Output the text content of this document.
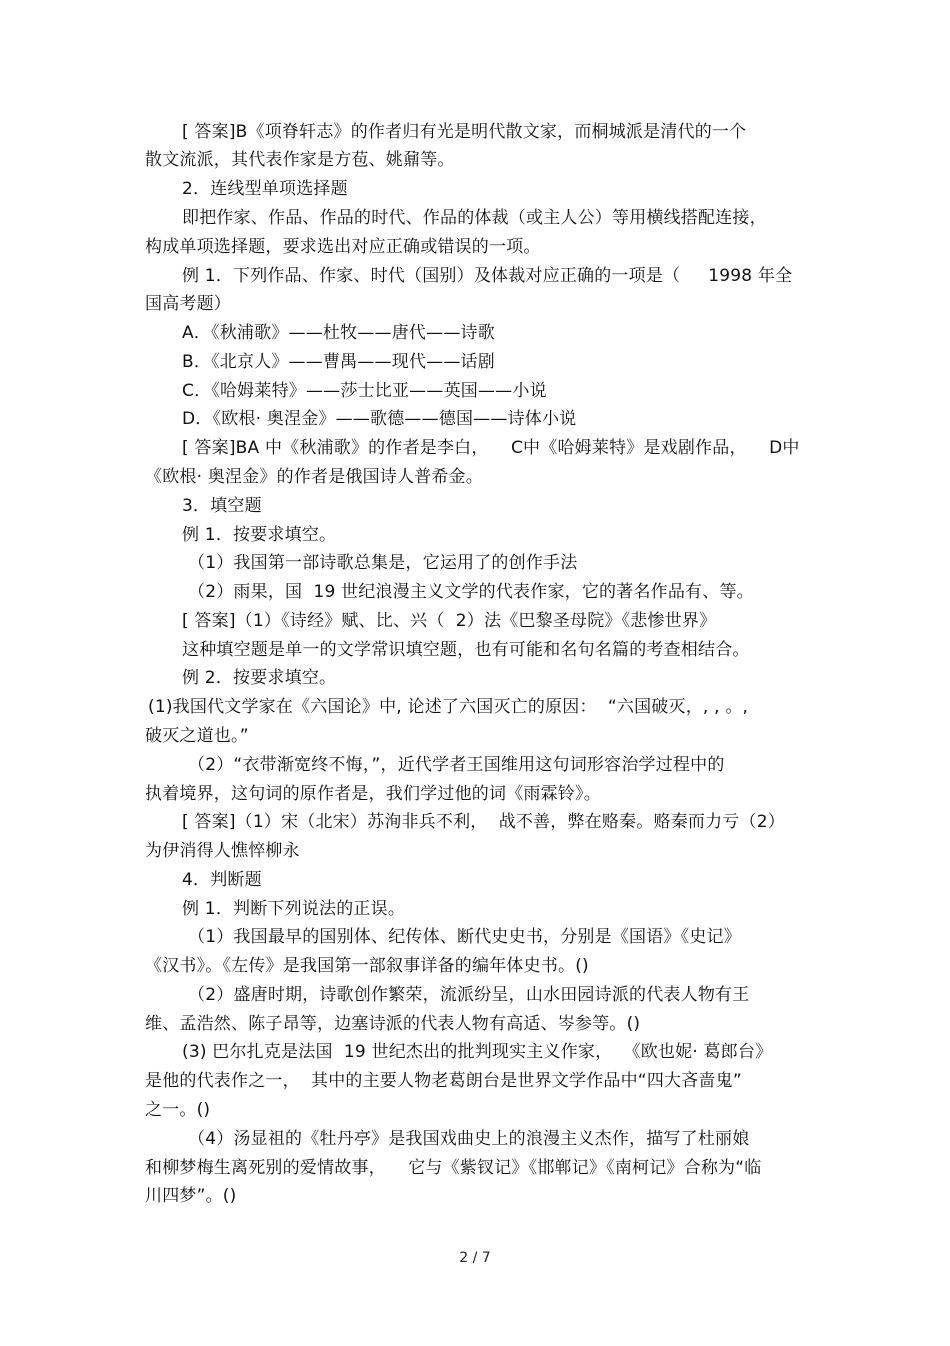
[ 答案]B《项脊轩志》的作者归有光是明代散文家，而桐城派是清代的一个
散文流派，其代表作家是方苞、姚鼐等。
2．连线型单项选择题
即把作家、作品、作品的时代、作品的体裁（或主人公）等用横线搭配连接，
构成单项选择题，要求选出对应正确或错误的一项。
例 1．下列作品、作家、时代（国别）及体裁对应正确的一项是（     1998 年全
国高考题）
A．《秋浦歌》——杜牧——唐代——诗歌
B．《北京人》——曹禺——现代——话剧
C．《哈姆莱特》——莎士比亚——英国——小说
D．《欧根· 奥涅金》——歌德——德国——诗体小说
[ 答案]BA 中《秋浦歌》的作者是李白，    C中《哈姆莱特》是戏剧作品，    D中
《欧根· 奥涅金》的作者是俄国诗人普希金。
3．填空题
例 1．按要求填空。
（1）我国第一部诗歌总集是，它运用了的创作手法
（2）雨果，国  19 世纪浪漫主义文学的代表作家，它的著名作品有、等。
[ 答案]（1）《诗经》赋、比、兴（  2）法《巴黎圣母院》《悲惨世界》
这种填空题是单一的文学常识填空题，也有可能和名句名篇的考查相结合。
例 2．按要求填空。
(1)我国代文学家在《六国论》中, 论述了六国灭亡的原因：  “六国破灭，, , 。,
破灭之道也。”
（2）“衣带渐宽终不悔，”，近代学者王国维用这句词形容治学过程中的
执着境界，这句词的原作者是，我们学过他的词《雨霖铃》。
[ 答案]（1）宋（北宋）苏洵非兵不利，  战不善，弊在赂秦。赂秦而力亏（2）
为伊消得人憔悴柳永
4．判断题
例 1．判断下列说法的正误。
（1）我国最早的国别体、纪传体、断代史史书，分别是《国语》《史记》
《汉书》。《左传》是我国第一部叙事详备的编年体史书。()
（2）盛唐时期，诗歌创作繁荣，流派纷呈，山水田园诗派的代表人物有王
维、孟浩然、陈子昂等，边塞诗派的代表人物有高适、岑参等。()
(3) 巴尔扎克是法国  19 世纪杰出的批判现实主义作家，  《欧也妮· 葛郎台》
是他的代表作之一，  其中的主要人物老葛朗台是世界文学作品中“四大吝啬鬼”
之一。()
（4）汤显祖的《牡丹亭》是我国戏曲史上的浪漫主义杰作，描写了杜丽娘
和柳梦梅生离死别的爱情故事，    它与《紫钗记》《邯郸记》《南柯记》合称为“临
川四梦”。()
2 / 7
